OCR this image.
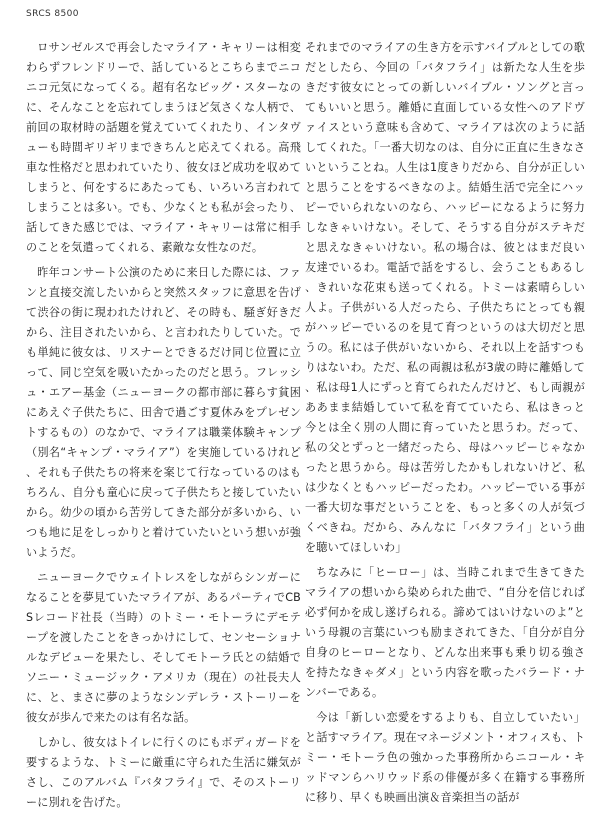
SRCS 8500

ロサンゼルスで再会したマライア・キャリーは相変わらずフレンドリーで、話しているとこちらまでニコニコ元気になってくる。超有名なビッグ・スターなのに、そんなことを忘れてしまうほど気さくな人柄で、前回の取材時の話題を覚えていてくれたり、インタヴューも時間ギリギリまできちんと応えてくれる。高飛車な性格だと思われていたり、彼女ほど成功を収めてしまうと、何をするにあたっても、いろいろ言われてしまうことは多い。でも、少なくとも私が会ったり、話してきた感じでは、マライア・キャリーは常に相手のことを気遣ってくれる、素敵な女性なのだ。

昨年コンサート公演のために来日した際には、ファンと直接交流したいからと突然スタッフに意思を告げて渋谷の街に現われたけれど、その時も、騒ぎ好きだから、注目されたいから、と言われたりしていた。でも単純に彼女は、リスナーとできるだけ同じ位置に立って、同じ空気を吸いたかったのだと思う。フレッシュ・エアー基金（ニューヨークの都市部に暮らす貧困にあえぐ子供たちに、田舎で過ごす夏休みをプレゼントするもの）のなかで、マライアは職業体験キャンプ（別名“キャンプ・マライア”）を実施しているけれど、それも子供たちの将来を案じて行なっているのはもちろん、自分も童心に戻って子供たちと接していたいから。幼少の頃から苦労してきた部分が多いから、いつも地に足をしっかりと着けていたいという想いが強いようだ。

ニューヨークでウェイトレスをしながらシンガーになることを夢見ていたマライアが、あるパーティでCBSレコード社長（当時）のトミー・モトーラにデモテープを渡したことをきっかけにして、センセーショナルなデビューを果たし、そしてモトーラ氏との結婚でソニー・ミュージック・アメリカ（現在）の社長夫人に、と、まさに夢のようなシンデレラ・ストーリーを彼女が歩んで来たのは有名な話。

しかし、彼女はトイレに行くのにもボディガードを要するような、トミーに厳重に守られた生活に嫌気がさし、このアルバム『バタフライ』で、そのストーリーに別れを告げた。

それまでのマライアの生き方を示すバイブルとしての歌だとしたら、今回の「バタフライ」は新たな人生を歩きだす彼女にとっての新しいバイブル・ソングと言ってもいいと思う。離婚に直面している女性へのアドヴァイスという意味も含めて、マライアは次のように話してくれた。「一番大切なのは、自分に正直に生きなさいということね。人生は1度きりだから、自分が正しいと思うことをするべきなのよ。結婚生活で完全にハッピーでいられないのなら、ハッピーになるように努力しなきゃいけない。そして、そうする自分がステキだと思えなきゃいけない。私の場合は、彼とはまだ良い友達でいるわ。電話で話をするし、会うこともあるし、きれいな花束も送ってくれる。トミーは素晴らしい人よ。子供がいる人だったら、子供たちにとっても親がハッピーでいるのを見て育つというのは大切だと思うの。私には子供がいないから、それ以上を話すつもりはないわ。ただ、私の両親は私が3歳の時に離婚して、私は母1人にずっと育てられたんだけど、もし両親がああまま結婚していて私を育てていたら、私はきっと今とは全く別の人間に育っていたと思うわ。だって、私の父とずっと一緒だったら、母はハッピーじゃなかったと思うから。母は苦労したかもしれないけど、私は少なくともハッピーだったわ。ハッピーでいる事が一番大切な事だということを、もっと多くの人が気づくべきね。だから、みんなに「バタフライ」という曲を聴いてほしいわ」

ちなみに「ヒーロー」は、当時これまで生きてきたマライアの想いから染められた曲で、“自分を信じれば必ず何かを成し遂げられる。諦めてはいけないのよ”という母親の言葉にいつも励まされてきた、「自分が自分自身のヒーローとなり、どんな出来事も乗り切る強さを持たなきゃダメ」という内容を歌ったバラード・ナンバーである。

今は「新しい恋愛をするよりも、自立していたい」と話すマライア。現在マネージメント・オフィスも、トミー・モトーラ色の強かった事務所からニコール・キッドマンらハリウッド系の俳優が多く在籍する事務所に移り、早くも映画出演＆音楽担当の話が
